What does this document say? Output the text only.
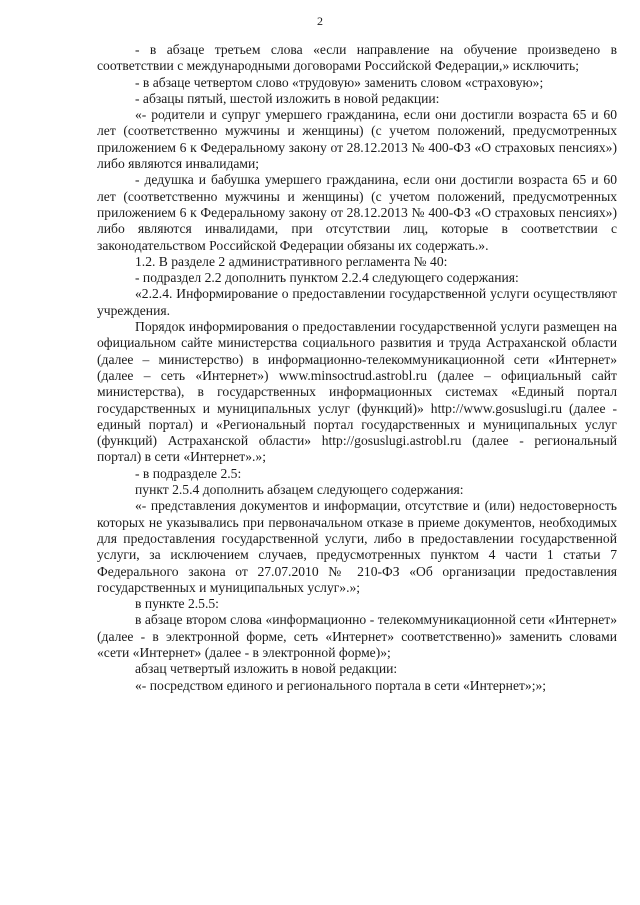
2

- в абзаце третьем слова «если направление на обучение произведено в соответствии с международными договорами Российской Федерации,» исключить;

- в абзаце четвертом слово «трудовую» заменить словом «страховую»;

- абзацы пятый, шестой изложить в новой редакции:

«- родители и супруг умершего гражданина, если они достигли возраста 65 и 60 лет (соответственно мужчины и женщины) (с учетом положений, предусмотренных приложением 6 к Федеральному закону от 28.12.2013 № 400-ФЗ «О страховых пенсиях») либо являются инвалидами;

- дедушка и бабушка умершего гражданина, если они достигли возраста 65 и 60 лет (соответственно мужчины и женщины) (с учетом положений, предусмотренных приложением 6 к Федеральному закону от 28.12.2013 № 400-ФЗ «О страховых пенсиях») либо являются инвалидами, при отсутствии лиц, которые в соответствии с законодательством Российской Федерации обязаны их содержать.».

1.2. В разделе 2 административного регламента № 40:

- подраздел 2.2 дополнить пунктом 2.2.4 следующего содержания:

«2.2.4. Информирование о предоставлении государственной услуги осуществляют учреждения.

Порядок информирования о предоставлении государственной услуги размещен на официальном сайте министерства социального развития и труда Астраханской области (далее – министерство) в информационно-телекоммуникационной сети «Интернет» (далее – сеть «Интернет») www.minsoctrud.astrobl.ru (далее – официальный сайт министерства), в государственных информационных системах «Единый портал государственных и муниципальных услуг (функций)» http://www.gosuslugi.ru (далее - единый портал) и «Региональный портал государственных и муниципальных услуг (функций) Астраханской области» http://gosuslugi.astrobl.ru (далее - региональный портал) в сети «Интернет».»;

- в подразделе 2.5:

пункт 2.5.4 дополнить абзацем следующего содержания:

«- представления документов и информации, отсутствие и (или) недостоверность которых не указывались при первоначальном отказе в приеме документов, необходимых для предоставления государственной услуги, либо в предоставлении государственной услуги, за исключением случаев, предусмотренных пунктом 4 части 1 статьи 7 Федерального закона от 27.07.2010 № 210-ФЗ «Об организации предоставления государственных и муниципальных услуг».»;

в пункте 2.5.5:

в абзаце втором слова «информационно - телекоммуникационной сети «Интернет» (далее - в электронной форме, сеть «Интернет» соответственно)» заменить словами «сети «Интернет» (далее - в электронной форме)»;

абзац четвертый изложить в новой редакции:

«- посредством единого и регионального портала в сети «Интернет»;»;
